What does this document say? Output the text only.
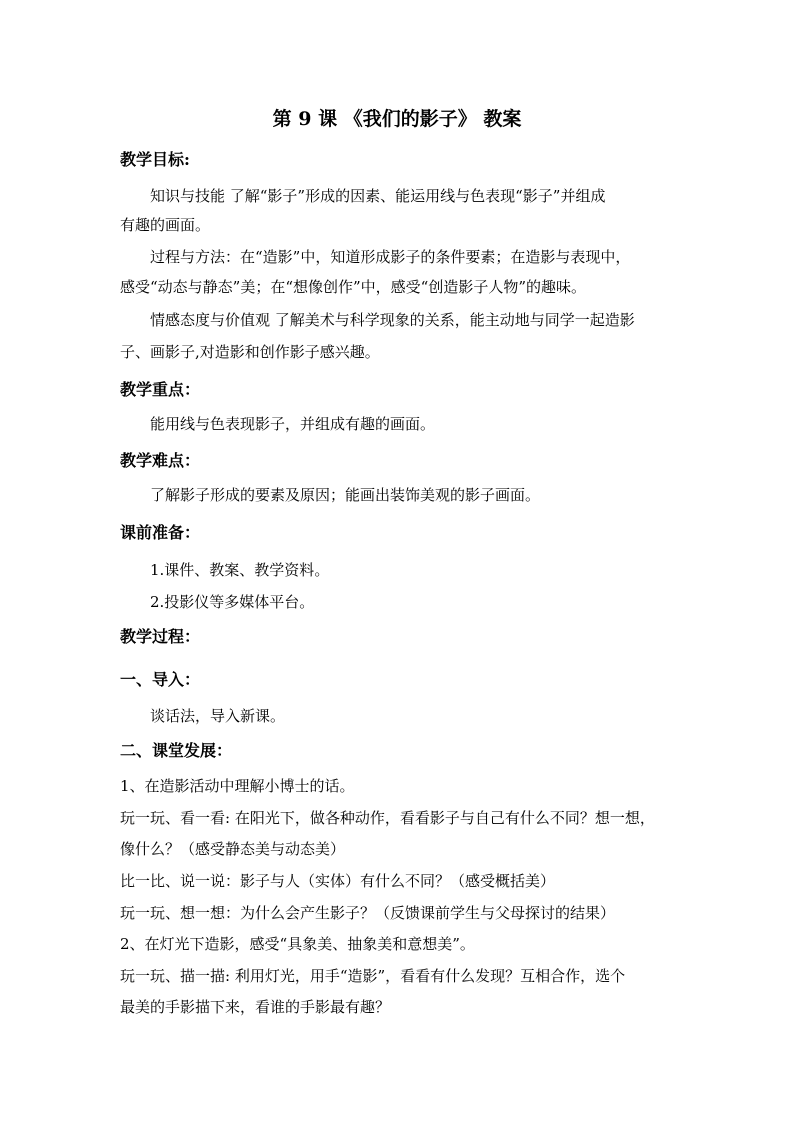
第 9 课 《我们的影子》 教案
教学目标:
知识与技能 了解“影子”形成的因素、能运用线与色表现“影子”并组成
有趣的画面。
过程与方法：在“造影”中，知道形成影子的条件要素；在造影与表现中，
感受“动态与静态”美；在“想像创作”中，感受“创造影子人物”的趣味。
情感态度与价值观 了解美术与科学现象的关系，能主动地与同学一起造影
子、画影子,对造影和创作影子感兴趣。
教学重点：
能用线与色表现影子，并组成有趣的画面。
教学难点：
了解影子形成的要素及原因；能画出装饰美观的影子画面。
课前准备：
1.课件、教案、教学资料。
2.投影仪等多媒体平台。
教学过程：
一、导入：
谈话法，导入新课。
二、课堂发展：
1、在造影活动中理解小博士的话。
玩一玩、看一看: 在阳光下，做各种动作，看看影子与自己有什么不同？想一想，
像什么？（感受静态美与动态美）
比一比、说一说：影子与人（实体）有什么不同？（感受概括美）
玩一玩、想一想：为什么会产生影子？（反馈课前学生与父母探讨的结果）
2、在灯光下造影，感受“具象美、抽象美和意想美”。
玩一玩、描一描: 利用灯光，用手“造影”，看看有什么发现？互相合作，选个
最美的手影描下来，看谁的手影最有趣？
